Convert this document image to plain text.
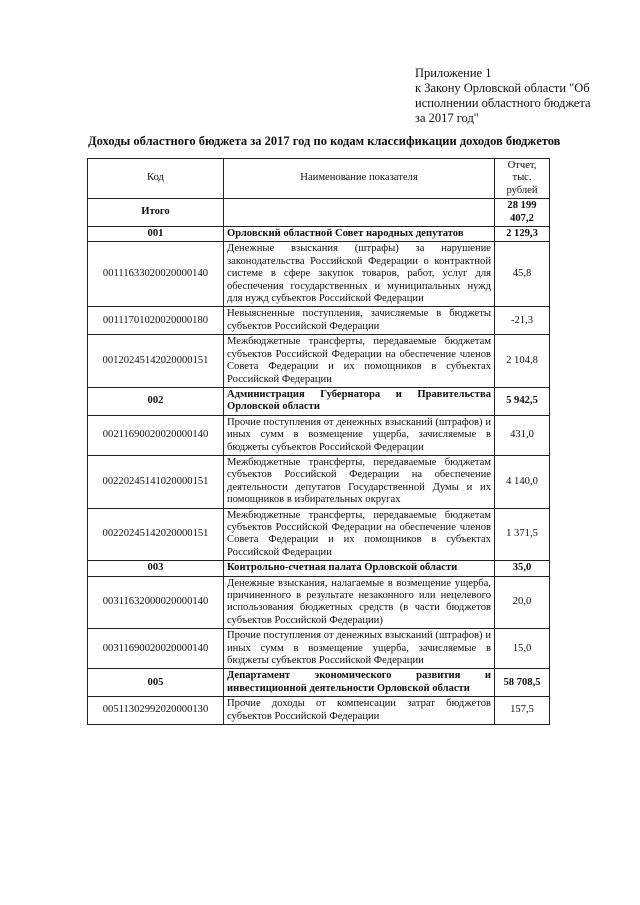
Приложение 1
к Закону Орловской области "Об
исполнении областного бюджета
за 2017 год"
Доходы областного бюджета за 2017 год по кодам классификации доходов бюджетов
Код	Наименование показателя	Отчет, тыс. рублей
Итого		28 199 407,2
001	Орловский областной Совет народных депутатов	2 129,3
00111633020020000140	Денежные взыскания (штрафы) за нарушение законодательства Российской Федерации о контрактной системе в сфере закупок товаров, работ, услуг для обеспечения государственных и муниципальных нужд для нужд субъектов Российской Федерации	45,8
00111701020020000180	Невыясненные поступления, зачисляемые в бюджеты субъектов Российской Федерации	-21,3
00120245142020000151	Межбюджетные трансферты, передаваемые бюджетам субъектов Российской Федерации на обеспечение членов Совета Федерации и их помощников в субъектах Российской Федерации	2 104,8
002	Администрация Губернатора и Правительства Орловской области	5 942,5
00211690020020000140	Прочие поступления от денежных взысканий (штрафов) и иных сумм в возмещение ущерба, зачисляемые в бюджеты субъектов Российской Федерации	431,0
00220245141020000151	Межбюджетные трансферты, передаваемые бюджетам субъектов Российской Федерации на обеспечение деятельности депутатов Государственной Думы и их помощников в избирательных округах	4 140,0
00220245142020000151	Межбюджетные трансферты, передаваемые бюджетам субъектов Российской Федерации на обеспечение членов Совета Федерации и их помощников в субъектах Российской Федерации	1 371,5
003	Контрольно-счетная палата Орловской области	35,0
00311632000020000140	Денежные взыскания, налагаемые в возмещение ущерба, причиненного в результате незаконного или нецелевого использования бюджетных средств (в части бюджетов субъектов Российской Федерации)	20,0
00311690020020000140	Прочие поступления от денежных взысканий (штрафов) и иных сумм в возмещение ущерба, зачисляемые в бюджеты субъектов Российской Федерации	15,0
005	Департамент экономического развития и инвестиционной деятельности Орловской области	58 708,5
00511302992020000130	Прочие доходы от компенсации затрат бюджетов субъектов Российской Федерации	157,5
